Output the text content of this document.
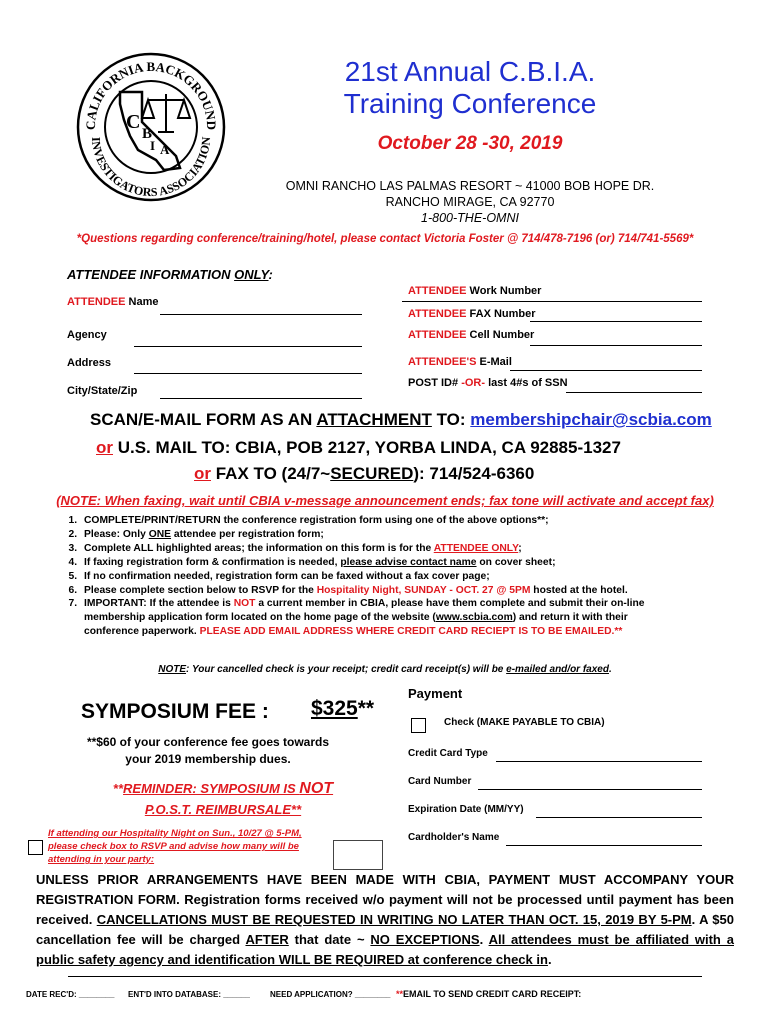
CALIFORNIA BACKGROUND
INVESTIGATORS ASSOCIATION
C
B
I A
21st Annual C.B.I.A.
Training Conference
October 28 -30, 2019
OMNI RANCHO LAS PALMAS RESORT ~ 41000 BOB HOPE DR.
RANCHO MIRAGE, CA 92770
1-800-THE-OMNI
*Questions regarding conference/training/hotel, please contact Victoria Foster @ 714/478-7196 (or) 714/741-5569*
ATTENDEE INFORMATION ONLY:
ATTENDEE Name
Agency
Address
City/State/Zip
ATTENDEE Work Number
ATTENDEE FAX Number
ATTENDEE Cell Number
ATTENDEE'S E-Mail
POST ID# -OR- last 4#s of SSN
SCAN/E-MAIL FORM AS AN ATTACHMENT TO: membershipchair@scbia.com
or U.S. MAIL TO: CBIA, POB 2127, YORBA LINDA, CA 92885-1327
or FAX TO (24/7~SECURED): 714/524-6360
(NOTE: When faxing, wait until CBIA v-message announcement ends; fax tone will activate and accept fax)
1. COMPLETE/PRINT/RETURN the conference registration form using one of the above options**;
2. Please: Only ONE attendee per registration form;
3. Complete ALL highlighted areas; the information on this form is for the ATTENDEE ONLY;
4. If faxing registration form & confirmation is needed, please advise contact name on cover sheet;
5. If no confirmation needed, registration form can be faxed without a fax cover page;
6. Please complete section below to RSVP for the Hospitality Night, SUNDAY - OCT. 27 @ 5PM hosted at the hotel.
7. IMPORTANT: If the attendee is NOT a current member in CBIA, please have them complete and submit their on-line membership application form located on the home page of the website (www.scbia.com) and return it with their conference paperwork. PLEASE ADD EMAIL ADDRESS WHERE CREDIT CARD RECIEPT IS TO BE EMAILED.**
NOTE: Your cancelled check is your receipt; credit card receipt(s) will be e-mailed and/or faxed.
SYMPOSIUM FEE : $325**
**$60 of your conference fee goes towards
your 2019 membership dues.
**REMINDER: SYMPOSIUM IS NOT
P.O.S.T. REIMBURSALE**
If attending our Hospitality Night on Sun., 10/27 @ 5-PM,
please check box to RSVP and advise how many will be
attending in your party:
Payment
Check (MAKE PAYABLE TO CBIA)
Credit Card Type
Card Number
Expiration Date (MM/YY)
Cardholder's Name
UNLESS PRIOR ARRANGEMENTS HAVE BEEN MADE WITH CBIA, PAYMENT MUST ACCOMPANY YOUR REGISTRATION FORM. Registration forms received w/o payment will not be processed until payment has been received. CANCELLATIONS MUST BE REQUESTED IN WRITING NO LATER THAN OCT. 15, 2019 BY 5-PM. A $50 cancellation fee will be charged AFTER that date ~ NO EXCEPTIONS. All attendees must be affiliated with a public safety agency and identification WILL BE REQUIRED at conference check in.
DATE REC'D: ________ ENT'D INTO DATABASE: ______	NEED APPLICATION? ________ **EMAIL TO SEND CREDIT CARD RECEIPT:
